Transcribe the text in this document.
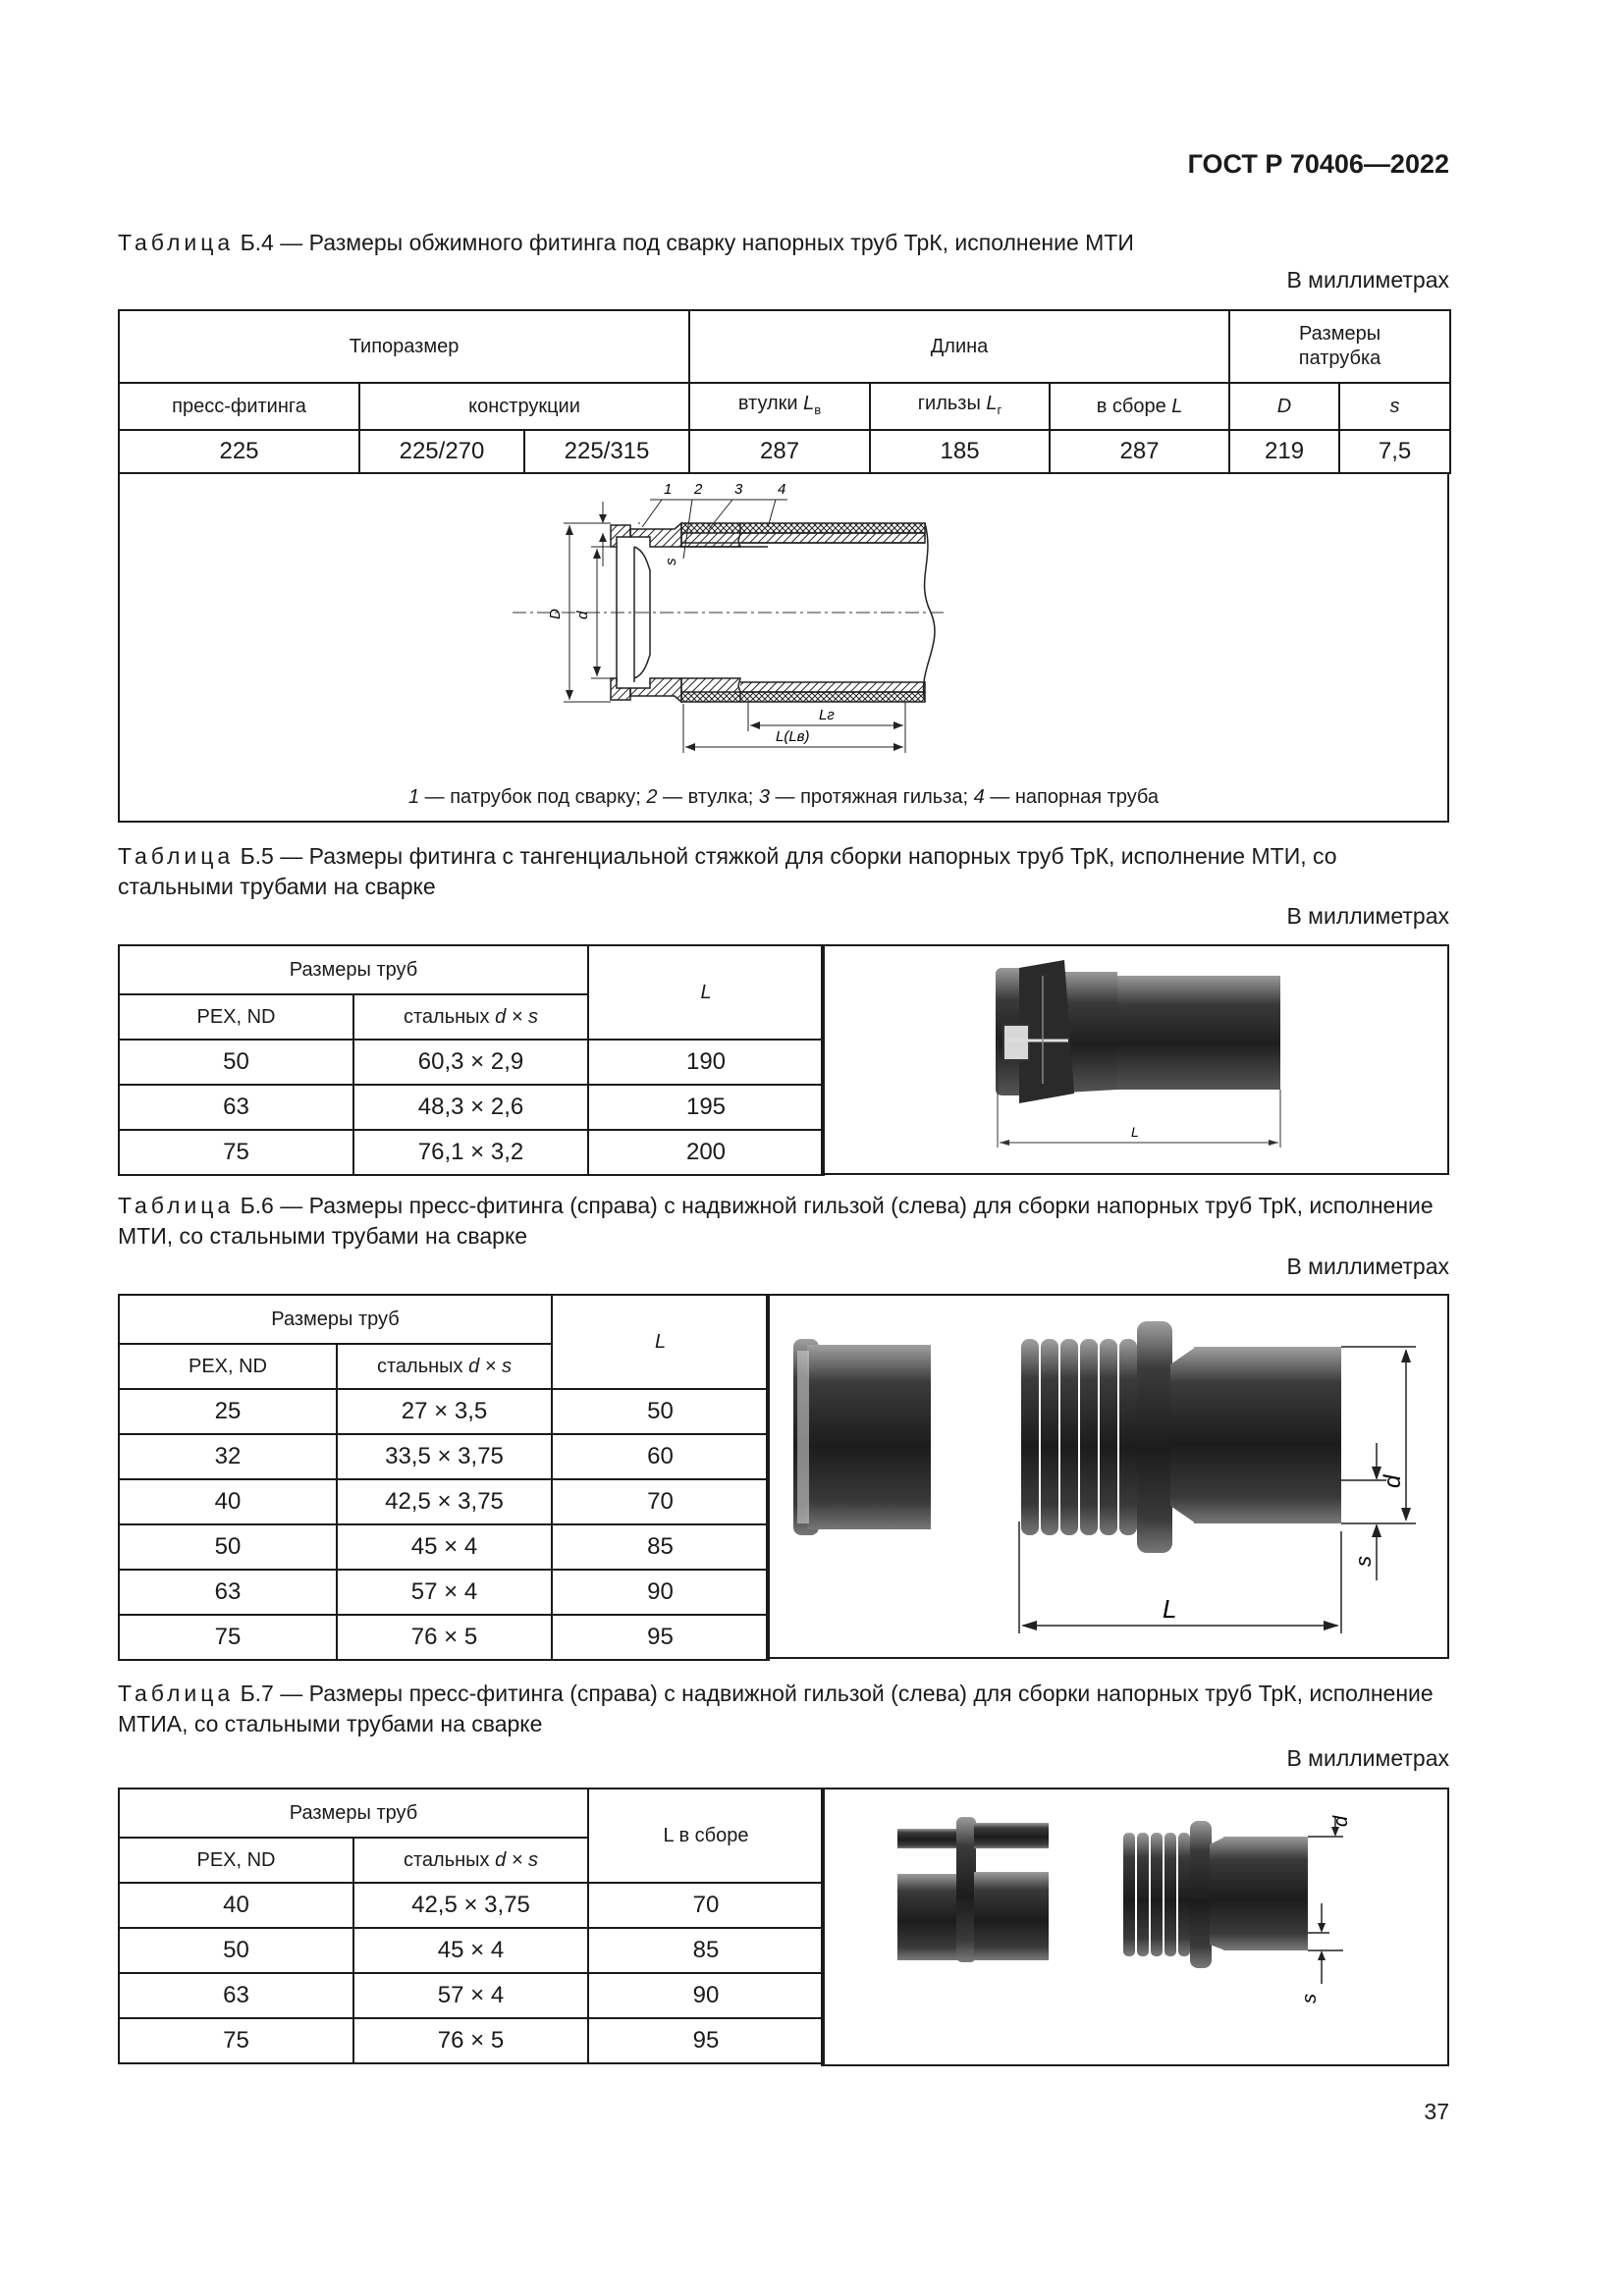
ГОСТ Р 70406—2022
Таблица Б.4 — Размеры обжимного фитинга под сварку напорных труб ТрК, исполнение МТИ
В миллиметрах
Типоразмер			Длина			Размеры патрубка	
пресс-фитинга	конструкции		втулки $L_в$	гильзы $L_г$	в сборе L	D	s
225	225/270	225/315	287	185	287	219	7,5
1 2 3 4
D d
s
Lг
L(Lв)
1 — патрубок под сварку; 2 — втулка; 3 — протяжная гильза; 4 — напорная труба
Таблица Б.5 — Размеры фитинга с тангенциальной стяжкой для сборки напорных труб ТрК, исполнение МТИ, со стальными трубами на сварке
В миллиметрах
Размеры труб		L
PEX, ND	стальных d × s	
50	60,3 × 2,9	190
63	48,3 × 2,6	195
75	76,1 × 3,2	200
L
Таблица Б.6 — Размеры пресс-фитинга (справа) с надвижной гильзой (слева) для сборки напорных труб ТрК, исполнение МТИ, со стальными трубами на сварке
В миллиметрах
Размеры труб		L
PEX, ND	стальных d × s	
25	27 × 3,5	50
32	33,5 × 3,75	60
40	42,5 × 3,75	70
50	45 × 4	85
63	57 × 4	90
75	76 × 5	95
d
s
L
Таблица Б.7 — Размеры пресс-фитинга (справа) с надвижной гильзой (слева) для сборки напорных труб ТрК, исполнение МТИА, со стальными трубами на сварке
В миллиметрах
Размеры труб		L в сборе
PEX, ND	стальных d × s	
40	42,5 × 3,75	70
50	45 × 4	85
63	57 × 4	90
75	76 × 5	95
d
s
37
